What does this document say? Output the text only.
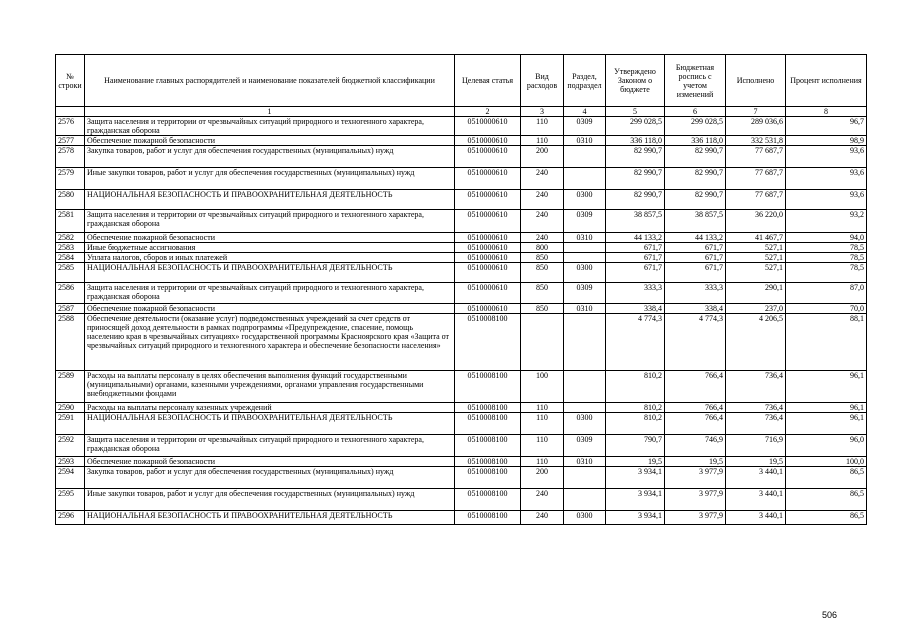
№ строки	Наименование главных распорядителей и наименование показателей бюджетной классификации	Целевая статья	Вид расходов	Раздел, подраздел	Утверждено Законом о бюджете	Бюджетная роспись с учетом изменений	Исполнено	Процент исполнения
	1	2	3	4	5	6	7	8
2576	Защита населения и территории от чрезвычайных ситуаций природного и техногенного характера, гражданская оборона	0510000610	110	0309	299 028,5	299 028,5	289 036,6	96,7
2577	Обеспечение пожарной безопасности	0510000610	110	0310	336 118,0	336 118,0	332 531,8	98,9
2578	Закупка товаров, работ и услуг для обеспечения государственных (муниципальных) нужд	0510000610	200		82 990,7	82 990,7	77 687,7	93,6
2579	Иные закупки товаров, работ и услуг для обеспечения государственных (муниципальных) нужд	0510000610	240		82 990,7	82 990,7	77 687,7	93,6
2580	НАЦИОНАЛЬНАЯ БЕЗОПАСНОСТЬ И ПРАВООХРАНИТЕЛЬНАЯ ДЕЯТЕЛЬНОСТЬ	0510000610	240	0300	82 990,7	82 990,7	77 687,7	93,6
2581	Защита населения и территории от чрезвычайных ситуаций природного и техногенного характера, гражданская оборона	0510000610	240	0309	38 857,5	38 857,5	36 220,0	93,2
2582	Обеспечение пожарной безопасности	0510000610	240	0310	44 133,2	44 133,2	41 467,7	94,0
2583	Иные бюджетные ассигнования	0510000610	800		671,7	671,7	527,1	78,5
2584	Уплата налогов, сборов и иных платежей	0510000610	850		671,7	671,7	527,1	78,5
2585	НАЦИОНАЛЬНАЯ БЕЗОПАСНОСТЬ И ПРАВООХРАНИТЕЛЬНАЯ ДЕЯТЕЛЬНОСТЬ	0510000610	850	0300	671,7	671,7	527,1	78,5
2586	Защита населения и территории от чрезвычайных ситуаций природного и техногенного характера, гражданская оборона	0510000610	850	0309	333,3	333,3	290,1	87,0
2587	Обеспечение пожарной безопасности	0510000610	850	0310	338,4	338,4	237,0	70,0
2588	Обеспечение деятельности (оказание услуг) подведомственных учреждений за счет средств от приносящей доход деятельности в рамках подпрограммы «Предупреждение, спасение, помощь населению края в чрезвычайных ситуациях» государственной программы Красноярского края «Защита от чрезвычайных ситуаций природного и техногенного характера и обеспечение безопасности населения»	0510008100			4 774,3	4 774,3	4 206,5	88,1
2589	Расходы на выплаты персоналу в целях обеспечения выполнения функций государственными (муниципальными) органами, казенными учреждениями, органами управления государственными внебюджетными фондами	0510008100	100		810,2	766,4	736,4	96,1
2590	Расходы на выплаты персоналу казенных учреждений	0510008100	110		810,2	766,4	736,4	96,1
2591	НАЦИОНАЛЬНАЯ БЕЗОПАСНОСТЬ И ПРАВООХРАНИТЕЛЬНАЯ ДЕЯТЕЛЬНОСТЬ	0510008100	110	0300	810,2	766,4	736,4	96,1
2592	Защита населения и территории от чрезвычайных ситуаций природного и техногенного характера, гражданская оборона	0510008100	110	0309	790,7	746,9	716,9	96,0
2593	Обеспечение пожарной безопасности	0510008100	110	0310	19,5	19,5	19,5	100,0
2594	Закупка товаров, работ и услуг для обеспечения государственных (муниципальных) нужд	0510008100	200		3 934,1	3 977,9	3 440,1	86,5
2595	Иные закупки товаров, работ и услуг для обеспечения государственных (муниципальных) нужд	0510008100	240		3 934,1	3 977,9	3 440,1	86,5
2596	НАЦИОНАЛЬНАЯ БЕЗОПАСНОСТЬ И ПРАВООХРАНИТЕЛЬНАЯ ДЕЯТЕЛЬНОСТЬ	0510008100	240	0300	3 934,1	3 977,9	3 440,1	86,5
506
